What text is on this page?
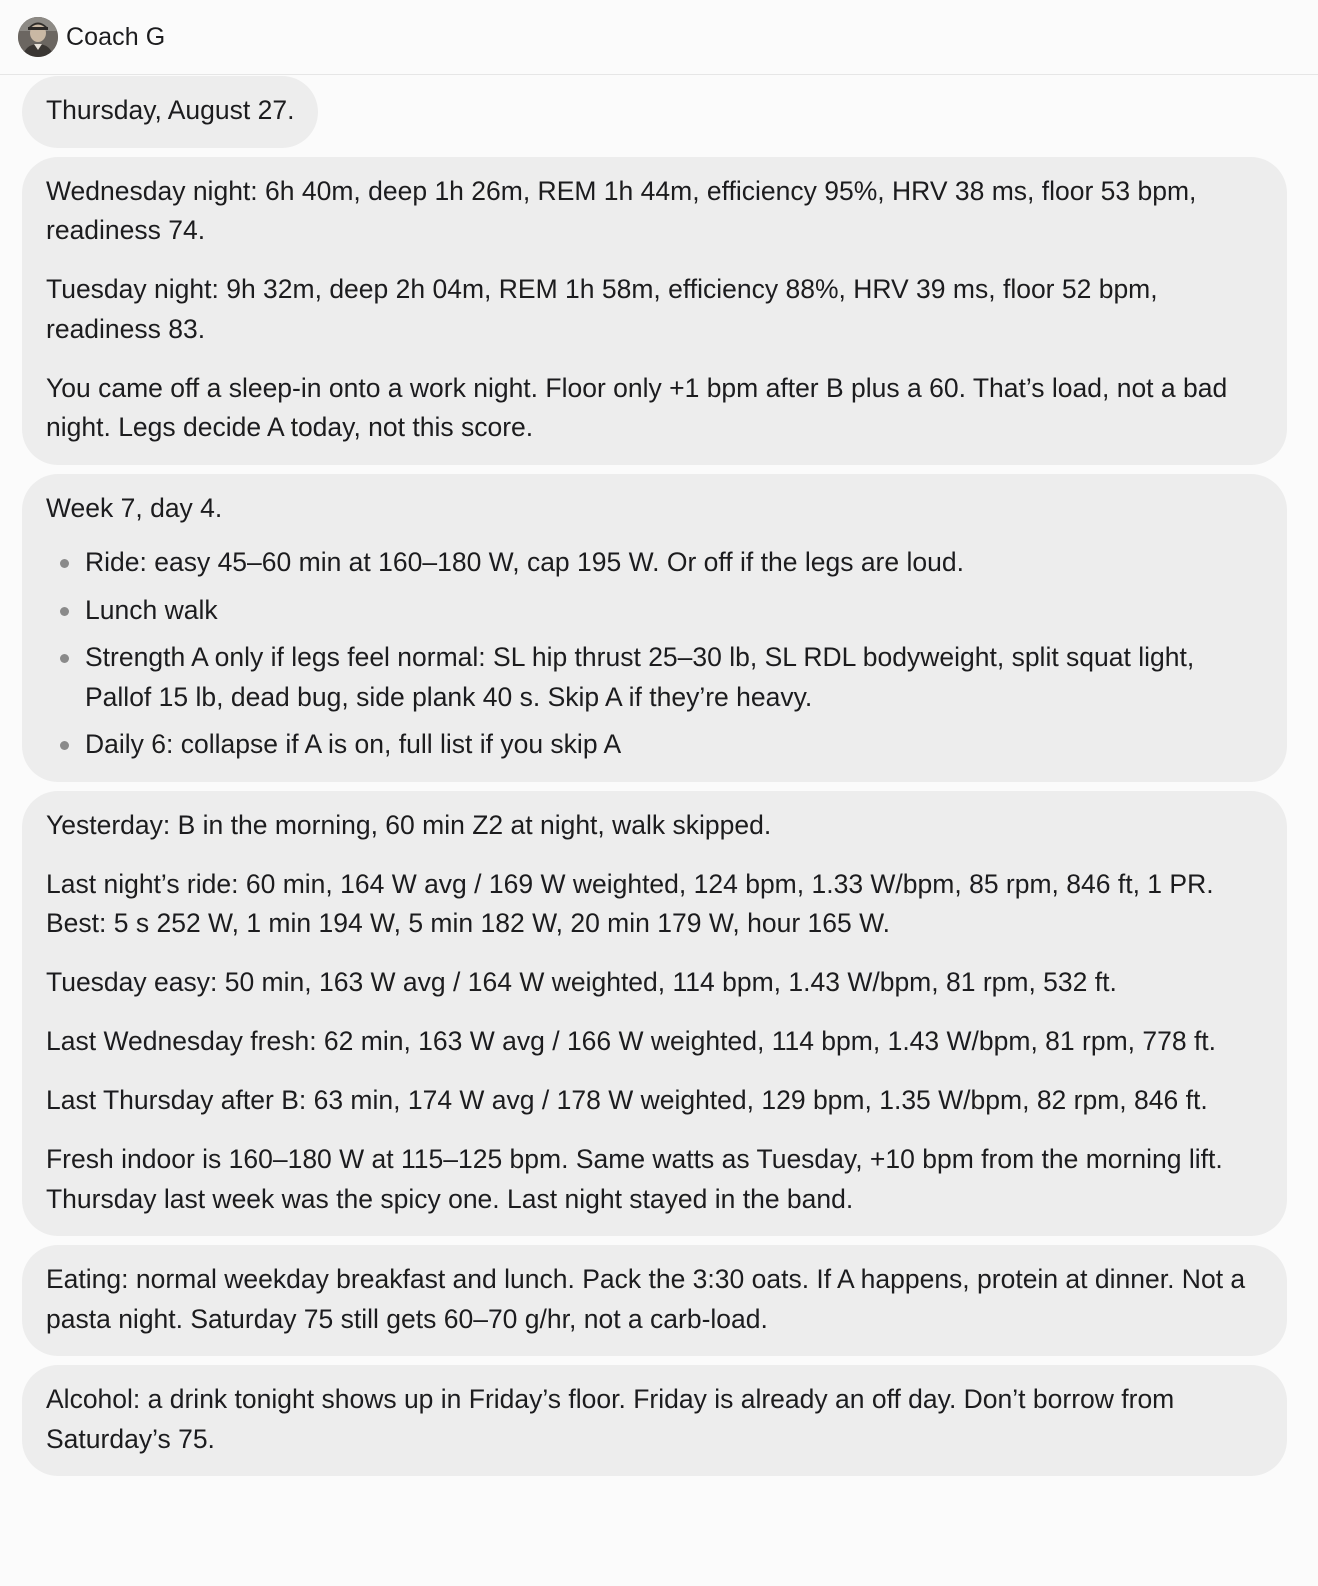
Coach G

Thursday, August 27.

Wednesday night: 6h 40m, deep 1h 26m, REM 1h 44m, efficiency 95%, HRV 38 ms, floor 53 bpm, readiness 74.

Tuesday night: 9h 32m, deep 2h 04m, REM 1h 58m, efficiency 88%, HRV 39 ms, floor 52 bpm, readiness 83.

You came off a sleep-in onto a work night. Floor only +1 bpm after B plus a 60. That’s load, not a bad night. Legs decide A today, not this score.

Week 7, day 4.

Ride: easy 45–60 min at 160–180 W, cap 195 W. Or off if the legs are loud.
Lunch walk
Strength A only if legs feel normal: SL hip thrust 25–30 lb, SL RDL bodyweight, split squat light, Pallof 15 lb, dead bug, side plank 40 s. Skip A if they’re heavy.
Daily 6: collapse if A is on, full list if you skip A

Yesterday: B in the morning, 60 min Z2 at night, walk skipped.

Last night’s ride: 60 min, 164 W avg / 169 W weighted, 124 bpm, 1.33 W/bpm, 85 rpm, 846 ft, 1 PR. Best: 5 s 252 W, 1 min 194 W, 5 min 182 W, 20 min 179 W, hour 165 W.

Tuesday easy: 50 min, 163 W avg / 164 W weighted, 114 bpm, 1.43 W/bpm, 81 rpm, 532 ft.

Last Wednesday fresh: 62 min, 163 W avg / 166 W weighted, 114 bpm, 1.43 W/bpm, 81 rpm, 778 ft.

Last Thursday after B: 63 min, 174 W avg / 178 W weighted, 129 bpm, 1.35 W/bpm, 82 rpm, 846 ft.

Fresh indoor is 160–180 W at 115–125 bpm. Same watts as Tuesday, +10 bpm from the morning lift. Thursday last week was the spicy one. Last night stayed in the band.

Eating: normal weekday breakfast and lunch. Pack the 3:30 oats. If A happens, protein at dinner. Not a pasta night. Saturday 75 still gets 60–70 g/hr, not a carb-load.

Alcohol: a drink tonight shows up in Friday’s floor. Friday is already an off day. Don’t borrow from Saturday’s 75.
